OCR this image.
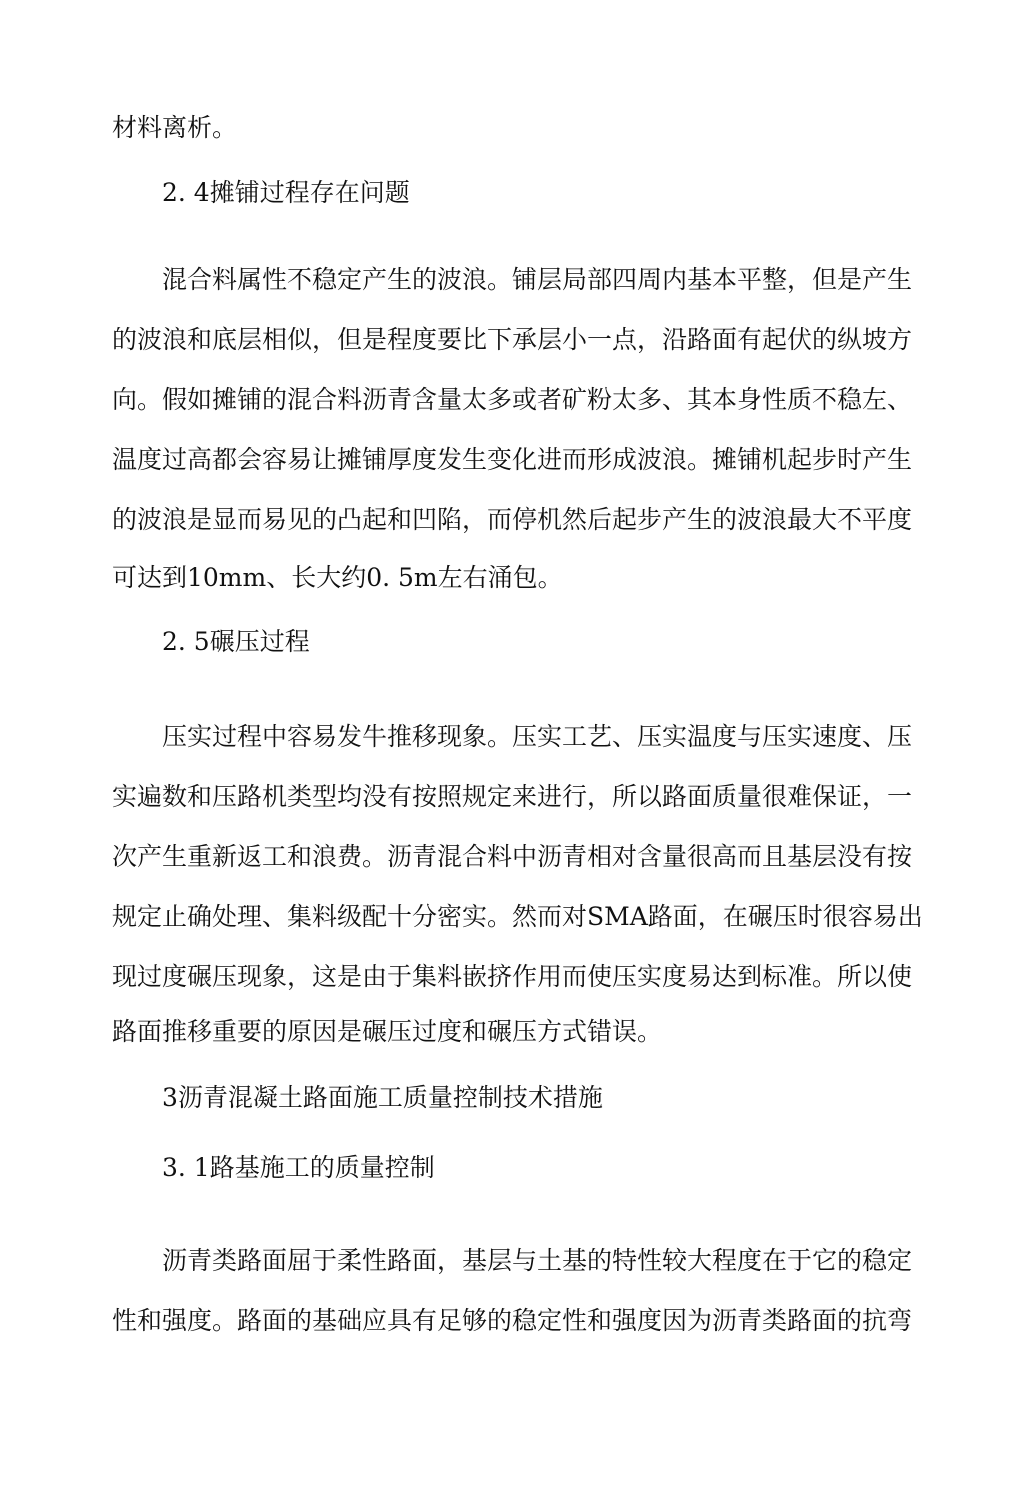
材料离析。
2. 4摊铺过程存在问题
混合料属性不稳定产生的波浪。铺层局部四周内基本平整，但是产生
的波浪和底层相似，但是程度要比下承层小一点，沿路面有起伏的纵坡方
向。假如摊铺的混合料沥青含量太多或者矿粉太多、其本身性质不稳左、
温度过高都会容易让摊铺厚度发生变化进而形成波浪。摊铺机起步时产生
的波浪是显而易见的凸起和凹陷，而停机然后起步产生的波浪最大不平度
可达到10mm、长大约0. 5m左右涌包。
2. 5碾压过程
压实过程中容易发牛推移现象。压实工艺、压实温度与压实速度、压
实遍数和压路机类型均没有按照规定来进行，所以路面质量很难保证，一
次产生重新返工和浪费。沥青混合料中沥青相对含量很高而且基层没有按
规定止确处理、集料级配十分密实。然而对SMA路面，在碾压时很容易出
现过度碾压现象，这是由于集料嵌挤作用而使压实度易达到标准。所以使
路面推移重要的原因是碾压过度和碾压方式错误。
3沥青混凝土路面施工质量控制技术措施
3. 1路基施工的质量控制
沥青类路面屈于柔性路面，基层与土基的特性较大程度在于它的稳定
性和强度。路面的基础应具有足够的稳定性和强度因为沥青类路面的抗弯
